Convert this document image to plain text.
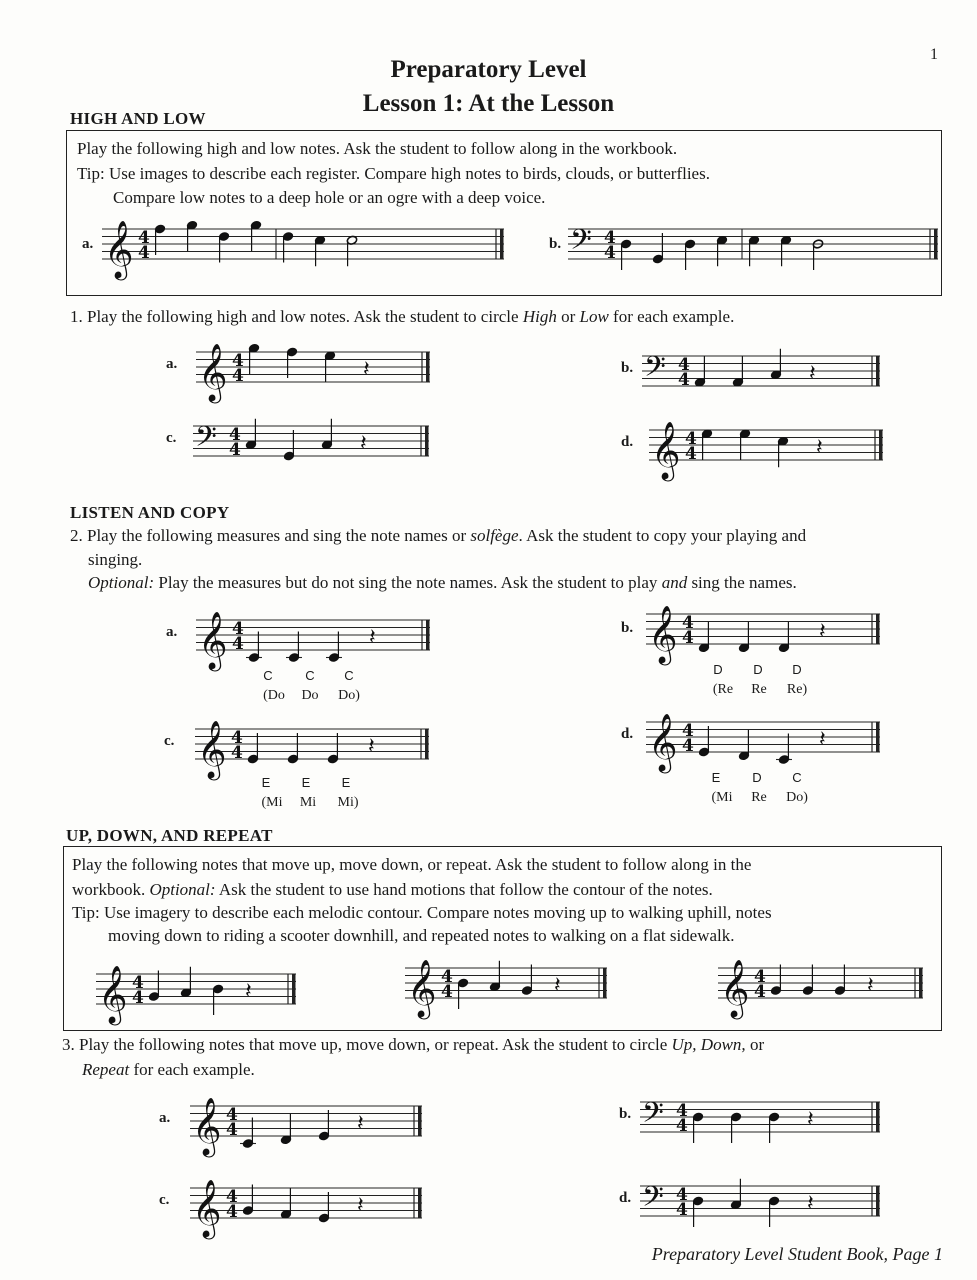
1
Preparatory Level
Lesson 1: At the Lesson
HIGH AND LOW
Play the following high and low notes. Ask the student to follow along in the workbook.
Tip: Use images to describe each register. Compare high notes to birds, clouds, or butterflies.
Compare low notes to a deep hole or an ogre with a deep voice.
a.	b.
1. Play the following high and low notes. Ask the student to circle High or Low for each example.
a.	b.
c.	d.
LISTEN AND COPY
2. Play the following measures and sing the note names or solfège. Ask the student to copy your playing and
singing.
Optional: Play the measures but do not sing the note names. Ask the student to play and sing the names.
a.	b.
c.	d.
C	C	C
(Do	Do	Do)
D	D	D
(Re	Re	Re)
E	E	E
(Mi	Mi	Mi)
E	D	C
(Mi	Re	Do)
UP, DOWN, AND REPEAT
Play the following notes that move up, move down, or repeat. Ask the student to follow along in the
workbook. Optional: Ask the student to use hand motions that follow the contour of the notes.
Tip: Use imagery to describe each melodic contour. Compare notes moving up to walking uphill, notes
moving down to riding a scooter downhill, and repeated notes to walking on a flat sidewalk.
3. Play the following notes that move up, move down, or repeat. Ask the student to circle Up, Down, or
Repeat for each example.
a.	b.
c.	d.
Preparatory Level Student Book, Page 1
𝄞 4
4	𝄢 4
4
𝄞 4
4	𝄽	𝄢 4
4	𝄽
𝄢 4
4	𝄽	𝄞 4
4	𝄽
𝄞 4
4	𝄽	𝄞 4
4	𝄽
𝄞 4
4	𝄽	𝄞 4
4	𝄽
𝄞 4
4	𝄽	𝄞 4
4	𝄽	𝄞 4
4	𝄽
𝄞 4
4	𝄽	𝄢 4
4	𝄽
𝄞 4
4	𝄽	𝄢 4
4	𝄽
